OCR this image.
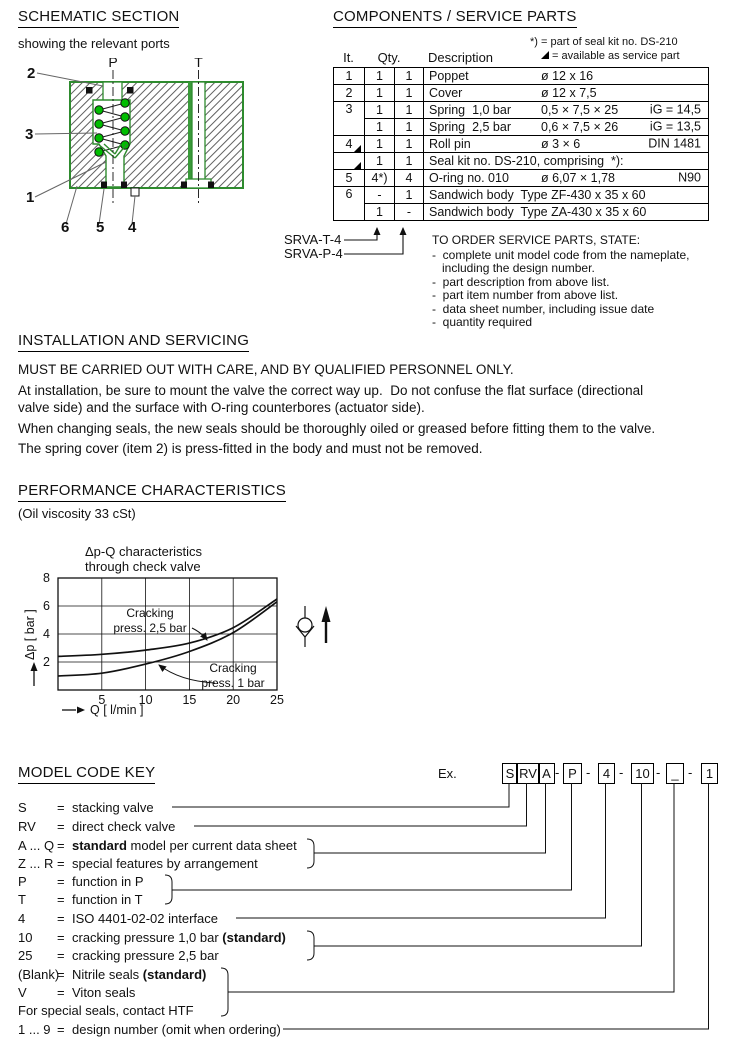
SCHEMATIC SECTION
showing the relevant ports
P	T
2
3
1
6 5 4
COMPONENTS / SERVICE PARTS
*) = part of seal kit no. DS-210
= available as service part
It.	Qty.	Description
1	1	1	Poppet ø 12 x 16

2	1	1	Cover ø 12 x 7,5

3	1	1	Spring  1,0 bar 0,5 × 7,5 × 25 iG = 14,5

	1	1	Spring  2,5 bar 0,6 × 7,5 × 26 iG = 13,5

4	1	1	Roll pin ø 3 × 6 DIN 1481

	1	1	Seal kit no. DS-210, comprising  *):

5	4*)	4	O-ring no. 010 ø 6,07 × 1,78 N90

6	-	1	Sandwich body  Type ZF-430 x 35 x 60

	1	-	Sandwich body  Type ZA-430 x 35 x 60
SRVA-T-4
SRVA-P-4
TO ORDER SERVICE PARTS, STATE:
-  complete unit model code from the nameplate,
including the design number.
-  part description from above list.
-  part item number from above list.
-  data sheet number, including issue date
-  quantity required
INSTALLATION AND SERVICING
MUST BE CARRIED OUT WITH CARE, AND BY QUALIFIED PERSONNEL ONLY.
At installation, be sure to mount the valve the correct way up.  Do not confuse the flat surface (directional
valve side) and the surface with O-ring counterbores (actuator side).
When changing seals, the new seals should be thoroughly oiled or greased before fitting them to the valve.
The spring cover (item 2) is press-fitted in the body and must not be removed.
PERFORMANCE CHARACTERISTICS
(Oil viscosity 33 cSt)
Δp-Q characteristics
through check valve
5	10 15 20 25
2
4
6
8
Δp [ bar ]
Q [ l/min ]
Cracking
press. 2,5 bar
Cracking
press. 1 bar
MODEL CODE KEY	Ex.	S RV A - P - 4 - 10 - _ -	1
S = stacking valve
RV = direct check valve
A ... Q = standard model per current data sheet
Z ... R = special features by arrangement
P = function in P
T = function in T
4 = ISO 4401-02-02 interface
10 = cracking pressure 1,0 bar (standard)
25 = cracking pressure 2,5 bar
(Blank)= Nitrile seals (standard)
V = Viton seals
For special seals, contact HTF
1 ... 9 = design number (omit when ordering)
